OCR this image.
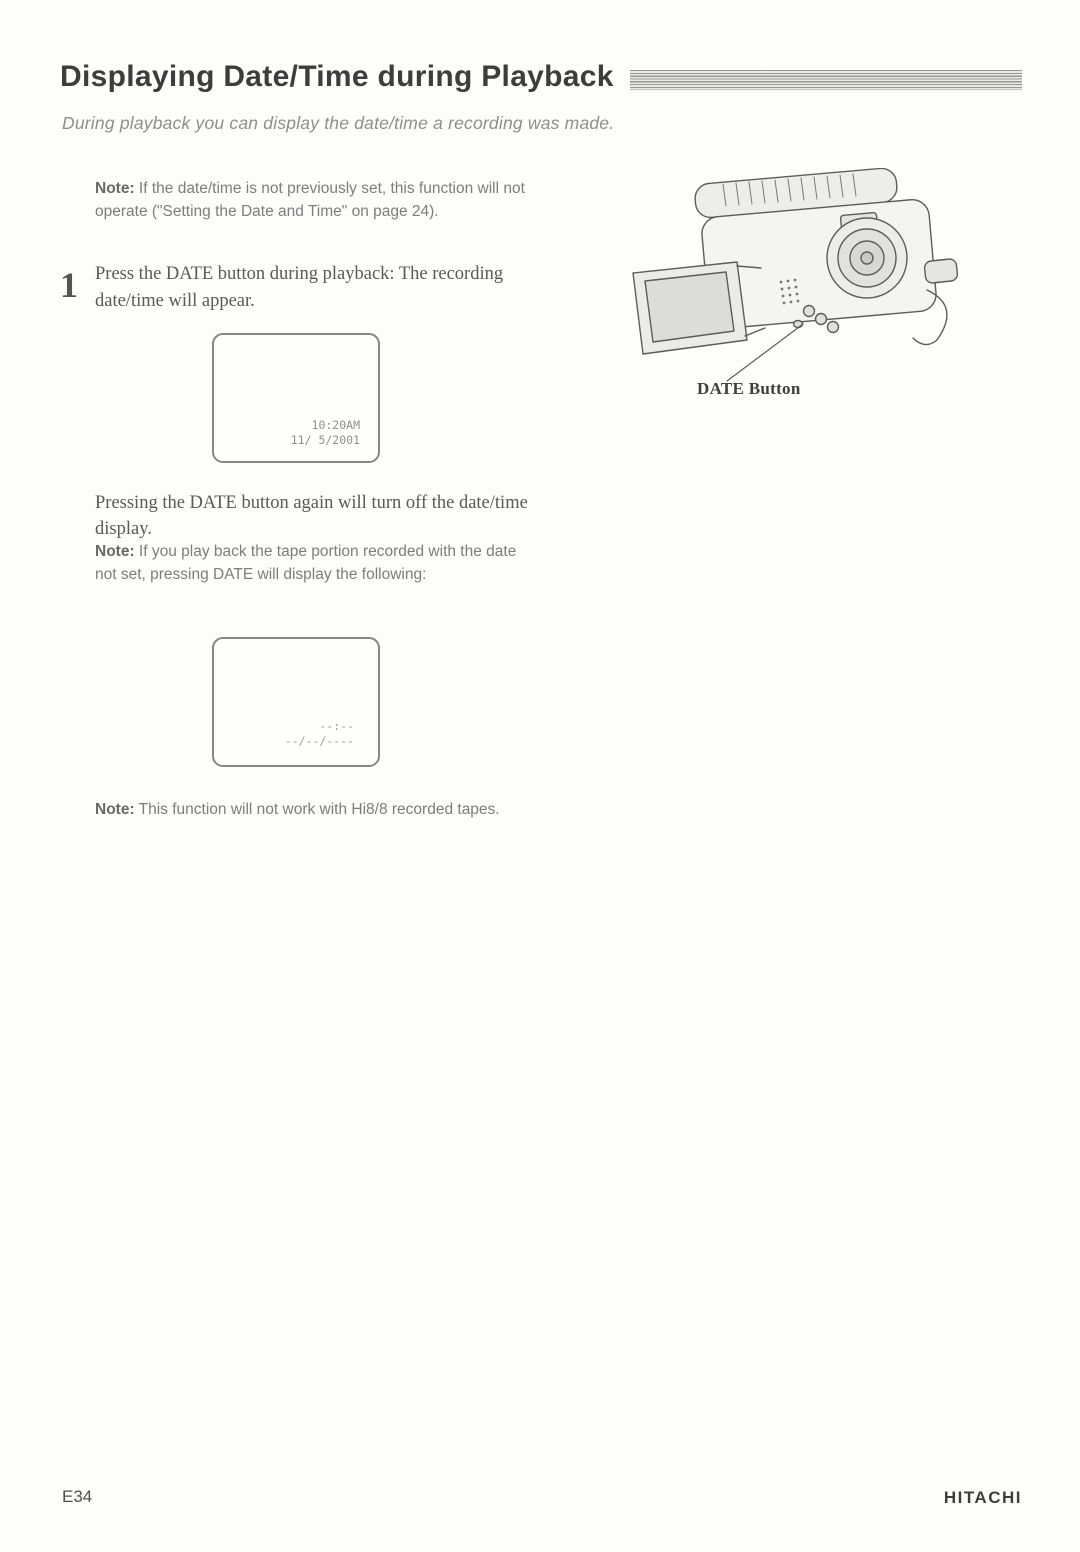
Displaying Date/Time during Playback
During playback you can display the date/time a recording was made.

Note: If the date/time is not previously set, this function will not operate ("Setting the Date and Time" on page 24).

1 Press the DATE button during playback: The recording date/time will appear.

10:20AM
11/ 5/2001
DATE Button

Pressing the DATE button again will turn off the date/time display.

Note: If you play back the tape portion recorded with the date not set, pressing DATE will display the following:

--:--
--/--/----

Note: This function will not work with Hi8/8 recorded tapes.

E34	HITACHI
